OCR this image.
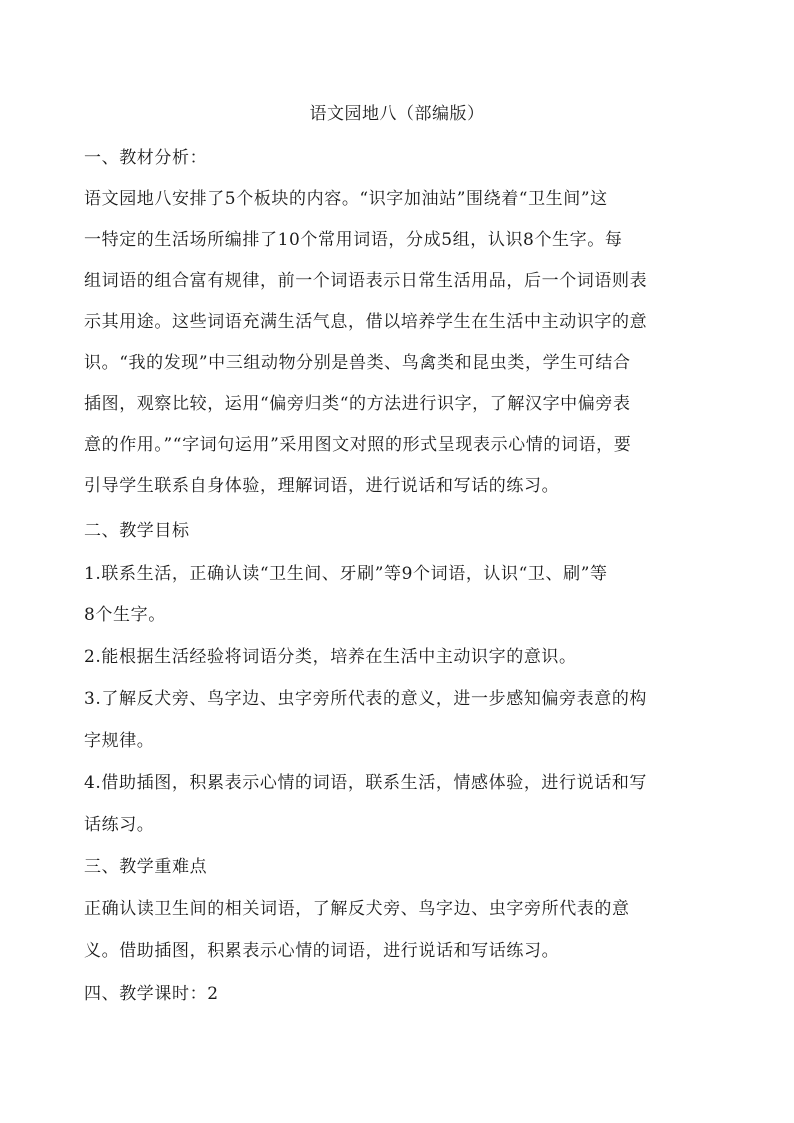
语文园地八（部编版）
一、教材分析：
语文园地八安排了5个板块的内容。“识字加油站”围绕着“卫生间”这
一特定的生活场所编排了10个常用词语，分成5组，认识8个生字。每
组词语的组合富有规律，前一个词语表示日常生活用品，后一个词语则表
示其用途。这些词语充满生活气息，借以培养学生在生活中主动识字的意
识。“我的发现”中三组动物分别是兽类、鸟禽类和昆虫类，学生可结合
插图，观察比较，运用“偏旁归类“的方法进行识字，了解汉字中偏旁表
意的作用。”“字词句运用”采用图文对照的形式呈现表示心情的词语，要
引导学生联系自身体验，理解词语，进行说话和写话的练习。
二、教学目标
1.联系生活，正确认读“卫生间、牙刷”等9个词语，认识“卫、刷”等
8个生字。
2.能根据生活经验将词语分类，培养在生活中主动识字的意识。
3.了解反犬旁、鸟字边、虫字旁所代表的意义，进一步感知偏旁表意的构
字规律。
4.借助插图，积累表示心情的词语，联系生活，情感体验，进行说话和写
话练习。
三、教学重难点
正确认读卫生间的相关词语，了解反犬旁、鸟字边、虫字旁所代表的意
义。借助插图，积累表示心情的词语，进行说话和写话练习。
四、教学课时：2
